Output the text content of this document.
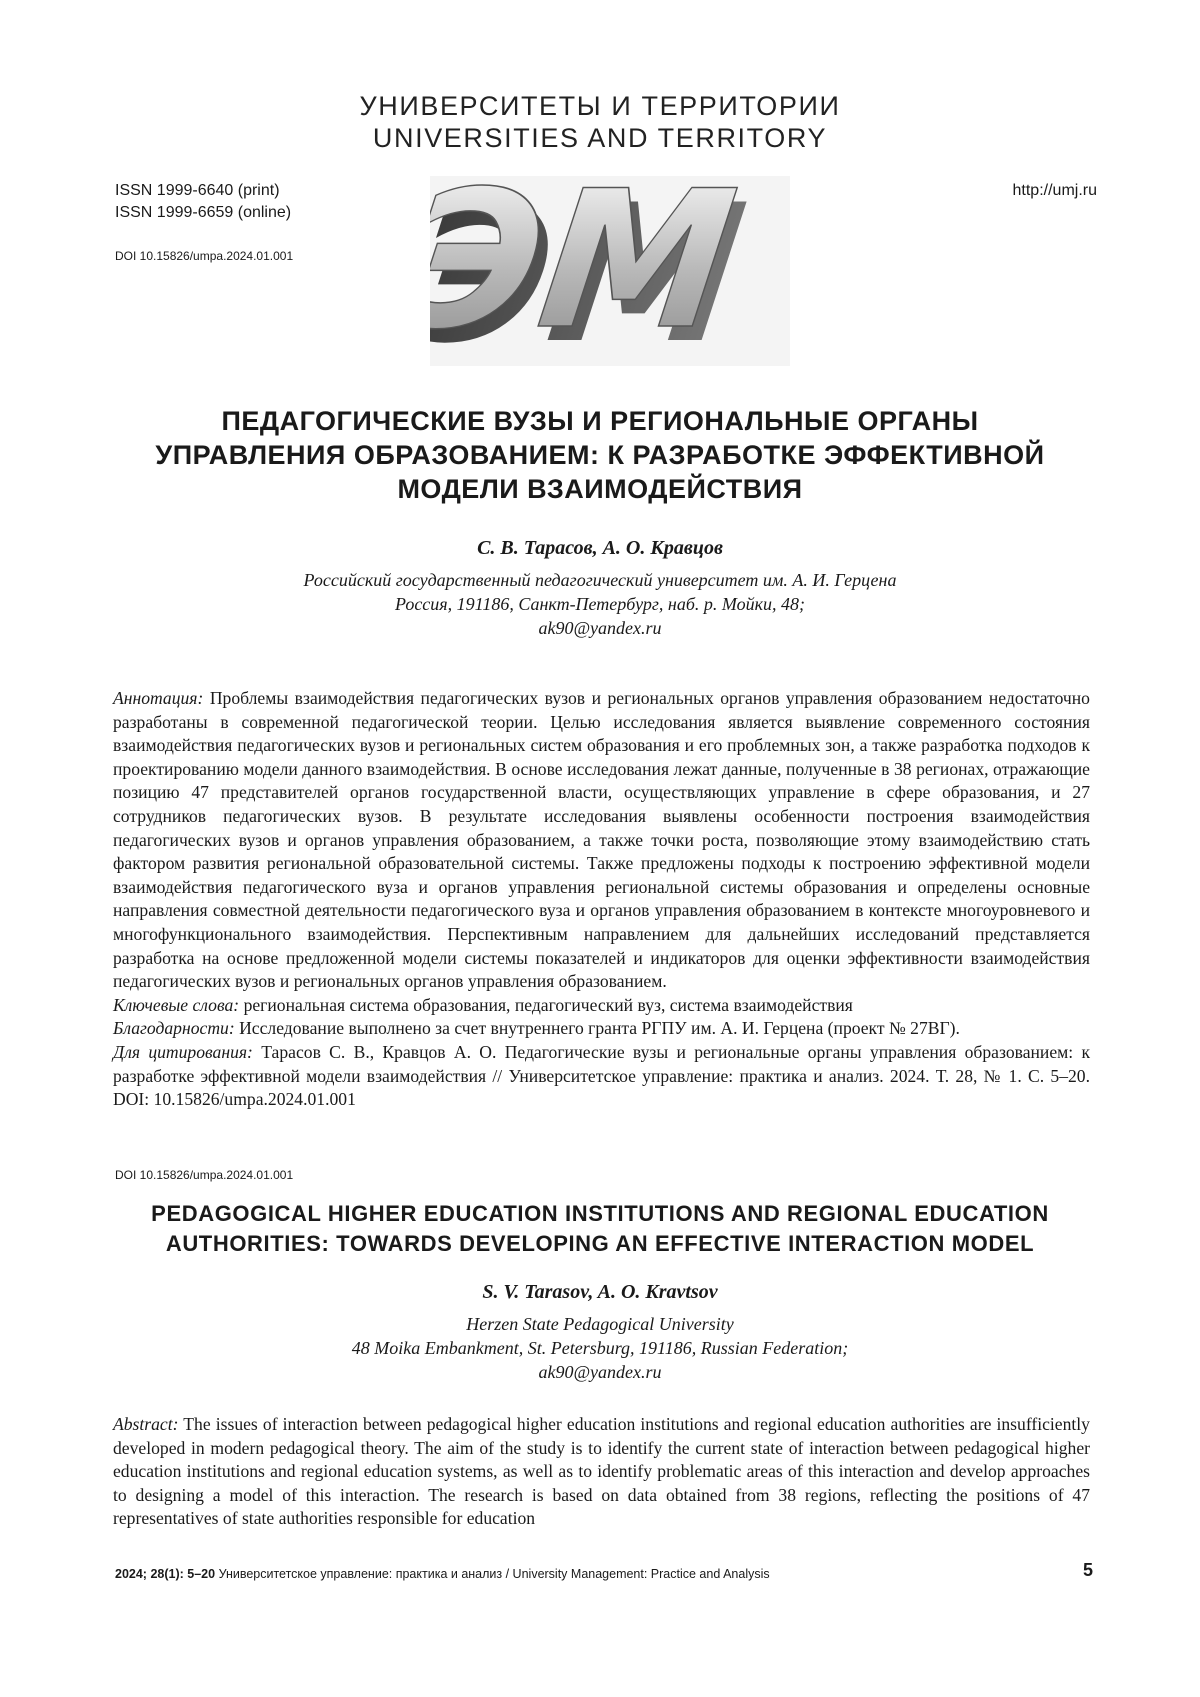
УНИВЕРСИТЕТЫ И ТЕРРИТОРИИ
UNIVERSITIES AND TERRITORY
ISSN 1999-6640 (print)
ISSN 1999-6659 (online)
http://umj.ru
DOI 10.15826/umpa.2024.01.001 ЭМ
ЭМ
ПЕДАГОГИЧЕСКИЕ ВУЗЫ И РЕГИОНАЛЬНЫЕ ОРГАНЫ
УПРАВЛЕНИЯ ОБРАЗОВАНИЕМ: К РАЗРАБОТКЕ ЭФФЕКТИВНОЙ
МОДЕЛИ ВЗАИМОДЕЙСТВИЯ
С. В. Тарасов, А. О. Кравцов
Российский государственный педагогический университет им. А. И. Герцена
Россия, 191186, Санкт-Петербург, наб. р. Мойки, 48;
ak90@yandex.ru

Аннотация: Проблемы взаимодействия педагогических вузов и региональных органов управления образованием недостаточно разработаны в современной педагогической теории. Целью исследования является выявление современного состояния взаимодействия педагогических вузов и региональных систем образования и его проблемных зон, а также разработка подходов к проектированию модели данного взаимодействия. В основе исследования лежат данные, полученные в 38 регионах, отражающие позицию 47 представителей органов государственной власти, осуществляющих управление в сфере образования, и 27 сотрудников педагогических вузов. В результате исследования выявлены особенности построения взаимодействия педагогических вузов и органов управления образованием, а также точки роста, позволяющие этому взаимодействию стать фактором развития региональной образовательной системы. Также предложены подходы к построению эффективной модели взаимодействия педагогического вуза и органов управления региональной системы образования и определены основные направления совместной деятельности педагогического вуза и органов управления образованием в контексте многоуровневого и многофункционального взаимодействия. Перспективным направлением для дальнейших исследований представляется разработка на основе предложенной модели системы показателей и индикаторов для оценки эффективности взаимодействия педагогических вузов и региональных органов управления образованием.

Ключевые слова: региональная система образования, педагогический вуз, система взаимодействия

Благодарности: Исследование выполнено за счет внутреннего гранта РГПУ им. А. И. Герцена (проект № 27ВГ).

Для цитирования: Тарасов С. В., Кравцов А. О. Педагогические вузы и региональные органы управления образованием: к разработке эффективной модели взаимодействия // Университетское управление: практика и анализ. 2024. Т. 28, № 1. С. 5–20. DOI: 10.15826/umpa.2024.01.001

DOI 10.15826/umpa.2024.01.001
PEDAGOGICAL HIGHER EDUCATION INSTITUTIONS AND REGIONAL EDUCATION
AUTHORITIES: TOWARDS DEVELOPING AN EFFECTIVE INTERACTION MODEL
S. V. Tarasov, A. O. Kravtsov
Herzen State Pedagogical University
48 Moika Embankment, St. Petersburg, 191186, Russian Federation;
ak90@yandex.ru

Abstract: The issues of interaction between pedagogical higher education institutions and regional education authorities are insufficiently developed in modern pedagogical theory. The aim of the study is to identify the current state of interaction between pedagogical higher education institutions and regional education systems, as well as to identify problematic areas of this interaction and develop approaches to designing a model of this interaction. The research is based on data obtained from 38 regions, reflecting the positions of 47 representatives of state authorities responsible for education

2024; 28(1): 5–20 Университетское управление: практика и анализ / University Management: Practice and Analysis	5
